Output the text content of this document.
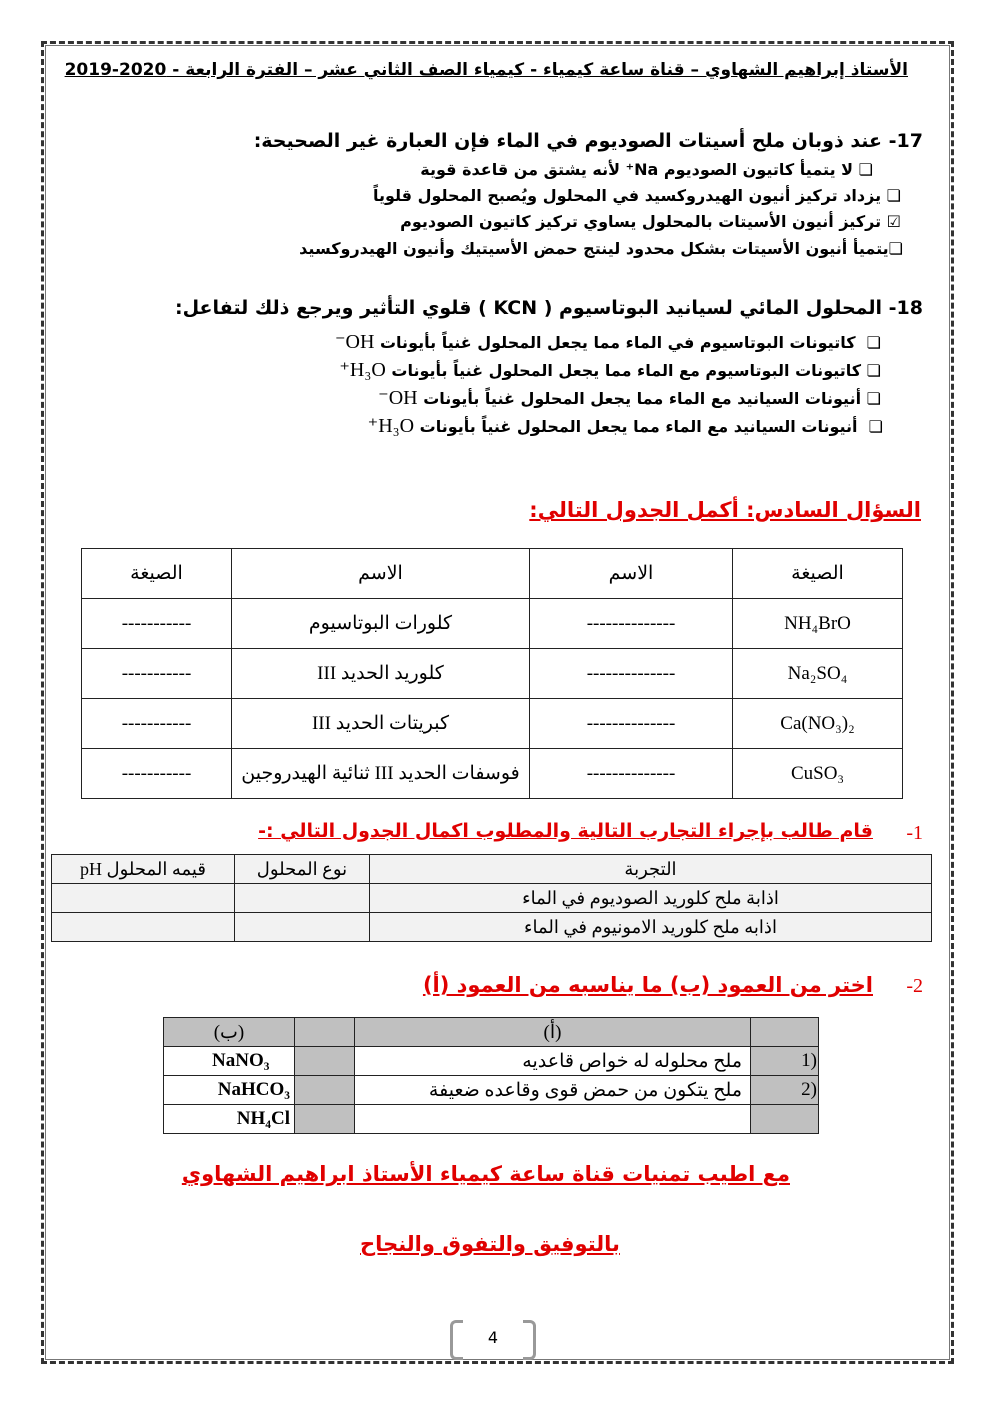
الأستاذ إبراهيم الشهاوي – قناة ساعة كيمياء - كيمياء الصف الثاني عشر – الفترة الرابعة - 2020-2019
17- عند ذوبان ملح أسيتات الصوديوم في الماء فإن العبارة غير الصحيحة:
❏ لا يتميأ كاتيون الصوديوم Na⁺ لأنه يشتق من قاعدة قوية
❏ يزداد تركيز أنيون الهيدروكسيد في المحلول ويُصبح المحلول قلوياً
☑ تركيز أنيون الأسيتات بالمحلول يساوي تركيز كاتيون الصوديوم
❏يتميأ أنيون الأسيتات بشكل محدود لينتج حمض الأسيتيك وأنيون الهيدروكسيد
18- المحلول المائي لسيانيد البوتاسيوم ( KCN ) قلوي التأثير ويرجع ذلك لتفاعل:
❏  كاتيونات البوتاسيوم في الماء مما يجعل المحلول غنياً بأيونات OH⁻
❏ كاتيونات البوتاسيوم مع الماء مما يجعل المحلول غنياً بأيونات H₃O⁺
❏ أنيونات السيانيد مع الماء مما يجعل المحلول غنياً بأيونات OH⁻
❏  أنيونات السيانيد مع الماء مما يجعل المحلول غنياً بأيونات H₃O⁺
السؤال السادس: أكمل الجدول التالي:
الصيغة	الاسم	الاسم	الصيغة
NH₄BrO	--------------	كلورات البوتاسيوم	-----------
Na₂SO₄	--------------	كلوريد الحديد III	-----------
Ca(NO₃)₂	--------------	كبريتات الحديد III	-----------
CuSO₃	--------------	فوسفات الحديد III ثنائية الهيدروجين	-----------
-1
قام طالب بإجراء التجارب التالية والمطلوب اكمال الجدول التالي :-
التجربة	نوع المحلول	قيمه المحلول pH
اذابة ملح كلوريد الصوديوم في الماء		
اذابه ملح كلوريد الامونيوم في الماء		
-2
اختر من العمود (ب) ما يناسبه من العمود (أ)
	(أ)		(ب)
(1	ملح محلوله له خواص قاعديه		NaNO₃
(2	ملح يتكون من حمض قوى وقاعده ضعيفة		NaHCO₃
			NH₄Cl
مع اطيب تمنيات قناة ساعة كيمياء الأستاذ ابراهيم الشهاوي
بالتوفيق والتفوق والنجاح
4
